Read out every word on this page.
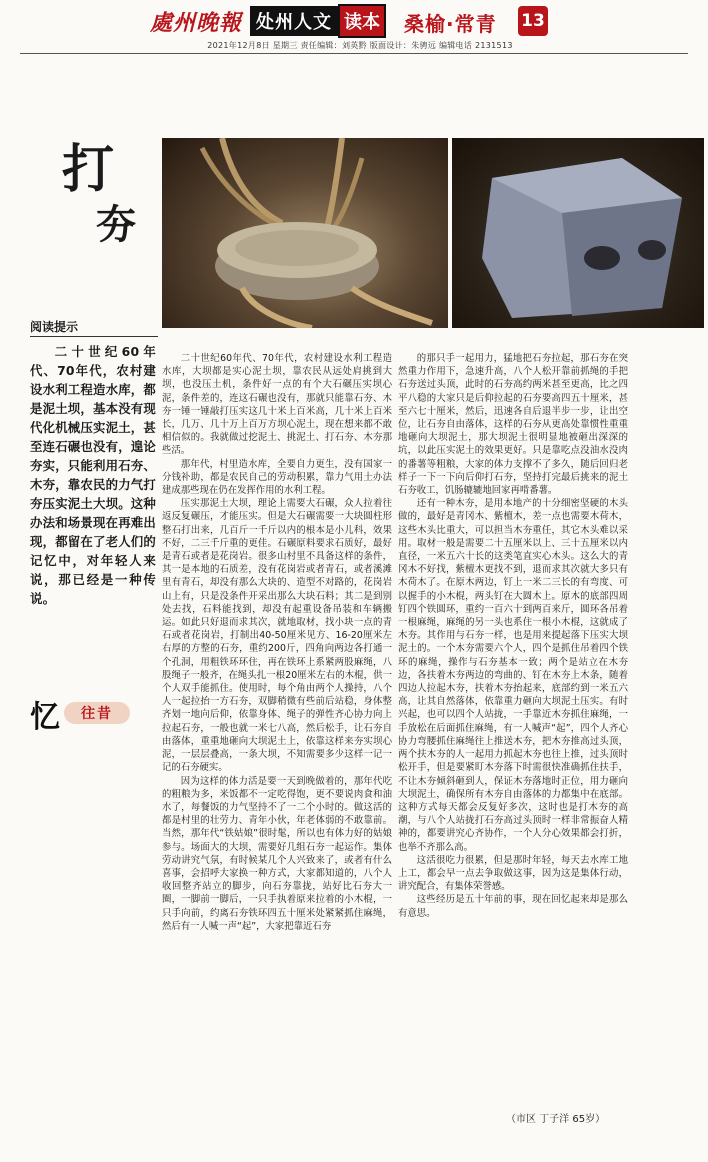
處州晚報 处州人文 读本	桑榆·常青 13
2021年12月8日 星期三 责任编辑：刘英黔 版面设计：朱骋远 编辑电话 2131513
打
夯
阅读提示
二十世纪60年代、70年代，农村建设水利工程造水库，都是泥土坝，基本没有现代化机械压实泥土，甚至连石碾也没有，遑论夯实，只能利用石夯、木夯，靠农民的力气打夯压实泥土大坝。这种办法和场景现在再难出现，都留在了老人们的记忆中，对年轻人来说，那已经是一种传说。
忆	往昔

二十世纪60年代、70年代，农村建设水利工程造水库，大坝都是实心泥土坝，靠农民从远处肩挑到大坝，也没压土机，条件好一点的有个大石碾压实坝心泥，条件差的，连这石碾也没有，那就只能靠石夯、木夯一锤一锤敲打压实这几十米上百米高，几十米上百米长，几万、几十万上百万方坝心泥土，现在想来都不敢相信似的。我就做过挖泥土、挑泥土、打石夯、木夯那些活。

那年代，村里造水库，全要自力更生，没有国家一分钱补助，都是农民自己的劳动积累，靠力气用土办法建成那些现在仍在发挥作用的水利工程。

压实那泥土大坝，理论上需要大石碾，众人拉着往返反复碾压，才能压实。但是大石碾需要一大块圆柱形整石打出来，几百斤一千斤以内的根本是小儿科，效果不好，二三千斤重的更佳。石碾原料要求石质好，最好是青石或者是花岗岩。很多山村里不具备这样的条件，其一是本地的石质差，没有花岗岩或者青石，或者溪滩里有青石，却没有那么大块的、造型不对路的，花岗岩山上有，只是没条件开采出那么大块石料；其二是到别处去找，石料能找到，却没有起重设备吊装和车辆搬运。如此只好退而求其次，就地取材，找小块一点的青石或者花岗岩，打制出40-50厘米见方、16-20厘米左右厚的方整的石夯，重约200斤，四角向两边各打通一个孔洞，用粗铁环环住，再在铁环上系紧两股麻绳，八股绳子一般齐，在绳头扎一根20厘米左右的木棍，供一个人双手能抓住。使用时，每个角由两个人操持，八个人一起拉抬一方石夯，双脚稍微有些前后站稳，身体整齐划一地向后仰，依靠身体、绳子的弹性齐心协力向上拉起石夯，一般也就一米七八高，然后松手，让石夯自由落体，重重地砸向大坝泥土上，依靠这样来夯实坝心泥，一层层叠高，一条大坝，不知需要多少这样一记一记的石夯硬实。

因为这样的体力活是要一天到晚做着的，那年代吃的粗粮为多，米饭都不一定吃得饱，更不要说肉食和油水了，每餐饭的力气坚持不了一二个小时的。做这活的都是村里的壮劳力、青年小伙，年老体弱的不敢靠前。当然，那年代“铁姑娘”很时髦，所以也有体力好的姑娘参与。场面大的大坝，需要好几组石夯一起运作。集体劳动讲究气氛，有时候某几个人兴致来了，或者有什么喜事，会招呼大家换一种方式，大家都知道的，八个人收回整齐站立的脚步，向石夯靠拢，站好比石夯大一圈，一脚前一脚后，一只手执着原来拉着的小木棍，一只手向前，约离石夯铁环四五十厘米处紧紧抓住麻绳，然后有一人喊一声“起”，大家把靠近石夯

的那只手一起用力，猛地把石夯拉起，那石夯在突然重力作用下，急速升高，八个人松开靠前抓绳的手把石夯送过头顶，此时的石夯高约两米甚至更高，比之四平八稳的大家只是后仰拉起的石夯要高四五十厘米，甚至六七十厘米，然后，迅速各自后退半步一步，让出空位，让石夯自由落体，这样的石夯从更高处靠惯性重重地砸向大坝泥土，那大坝泥土很明显地被砸出深深的坑，以此压实泥土的效果更好。只是靠吃点没油水没肉的番薯等粗粮，大家的体力支撑不了多久，随后回归老样子一下一下向后仰打石夯，坚持打完最后挑来的泥土石夯收工，饥肠辘辘地回家再啃番薯。

还有一种木夯，是用本地产的十分细密坚硬的木头做的，最好是青冈木、紫檀木，差一点也需要木荷木，这些木头比重大，可以担当木夯重任，其它木头难以采用。取材一般是需要二十五厘米以上、三十五厘米以内直径，一米五六十长的这类笔直实心木头。这么大的青冈木不好找，紫檀木更找不到，退而求其次就大多只有木荷木了。在原木两边，钉上一米二三长的有弯度、可以握手的小木棍，两头钉在大圆木上。原木的底部四周钉四个铁圆环，重约一百六十到两百来斤，圆环各吊着一根麻绳，麻绳的另一头也系住一根小木棍，这就成了木夯。其作用与石夯一样，也是用来提起落下压实大坝泥土的。一个木夯需要六个人，四个是抓住吊着四个铁环的麻绳，操作与石夯基本一致；两个是站立在木夯边，各扶着木夯两边的弯曲的、钉在木夯上木条，随着四边人拉起木夯，扶着木夯抬起来，底部约到一米五六高，让其自然落体，依靠重力砸向大坝泥土压实。有时兴起，也可以四个人站拢，一手靠近木夯抓住麻绳，一手放松在后面抓住麻绳，有一人喊声“起”，四个人齐心协力弯腰抓住麻绳往上推送木夯，把木夯推高过头顶，两个扶木夯的人一起用力抓起木夯也往上推，过头顶时松开手，但是要紧盯木夯落下时需很快准确抓住扶手，不让木夯倾斜砸到人，保证木夯落地时正位，用力砸向大坝泥土，确保所有木夯自由落体的力都集中在底部。这种方式每天都会反复好多次，这时也是打木夯的高潮，与八个人站拢打石夯高过头顶时一样非常振奋人精神的，都要讲究心齐协作，一个人分心效果都会打折，也举不齐那么高。

这活很吃力很累，但是那时年轻，每天去水库工地上工，都会早一点去争取做这事，因为这是集体行动，讲究配合，有集体荣誉感。

这些经历是五十年前的事，现在回忆起来却是那么有意思。

（市区 丁子洋 65岁）
